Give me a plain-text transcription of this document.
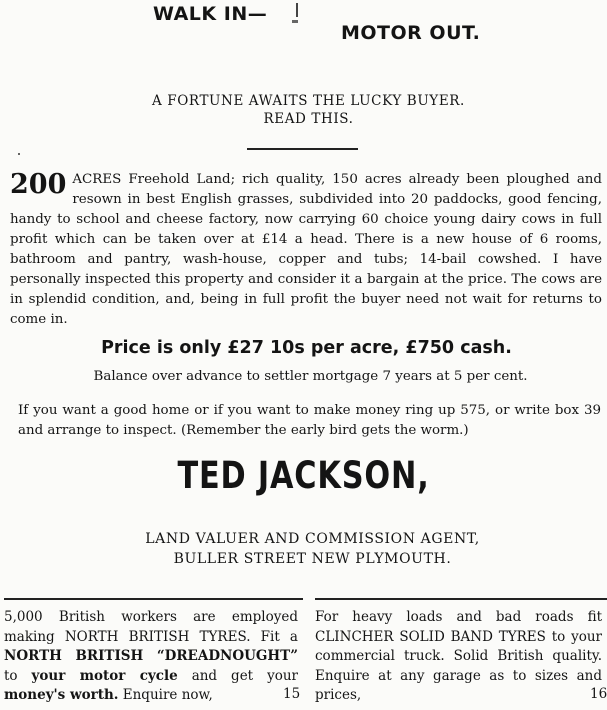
WALK IN—
MOTOR OUT.
A FORTUNE AWAITS THE LUCKY BUYER.
READ THIS.
200 ACRES Freehold Land; rich quality, 150 acres already been ploughed and resown in best English grasses, subdivided into 20 paddocks, good fencing, handy to school and cheese factory, now carrying 60 choice young dairy cows in full profit which can be taken over at £14 a head. There is a new house of 6 rooms, bathroom and pantry, wash-house, copper and tubs; 14-bail cowshed. I have personally inspected this property and consider it a bargain at the price. The cows are in splendid condition, and, being in full profit the buyer need not wait for returns to come in.
Price is only £27 10s per acre, £750 cash.
Balance over advance to settler mortgage 7 years at 5 per cent.
If you want a good home or if you want to make money ring up 575, or write box 39 and arrange to inspect. (Remember the early bird gets the worm.)
TED JACKSON,
LAND VALUER AND COMMISSION AGENT,
BULLER STREET NEW PLYMOUTH.
5,000 British workers are employed making NORTH BRITISH TYRES. Fit a NORTH BRITISH “DREADNOUGHT” to your motor cycle and get your money's worth. Enquire now,	15
For heavy loads and bad roads fit CLINCHER SOLID BAND TYRES to your commercial truck. Solid British quality. Enquire at any garage as to sizes and prices,	16
